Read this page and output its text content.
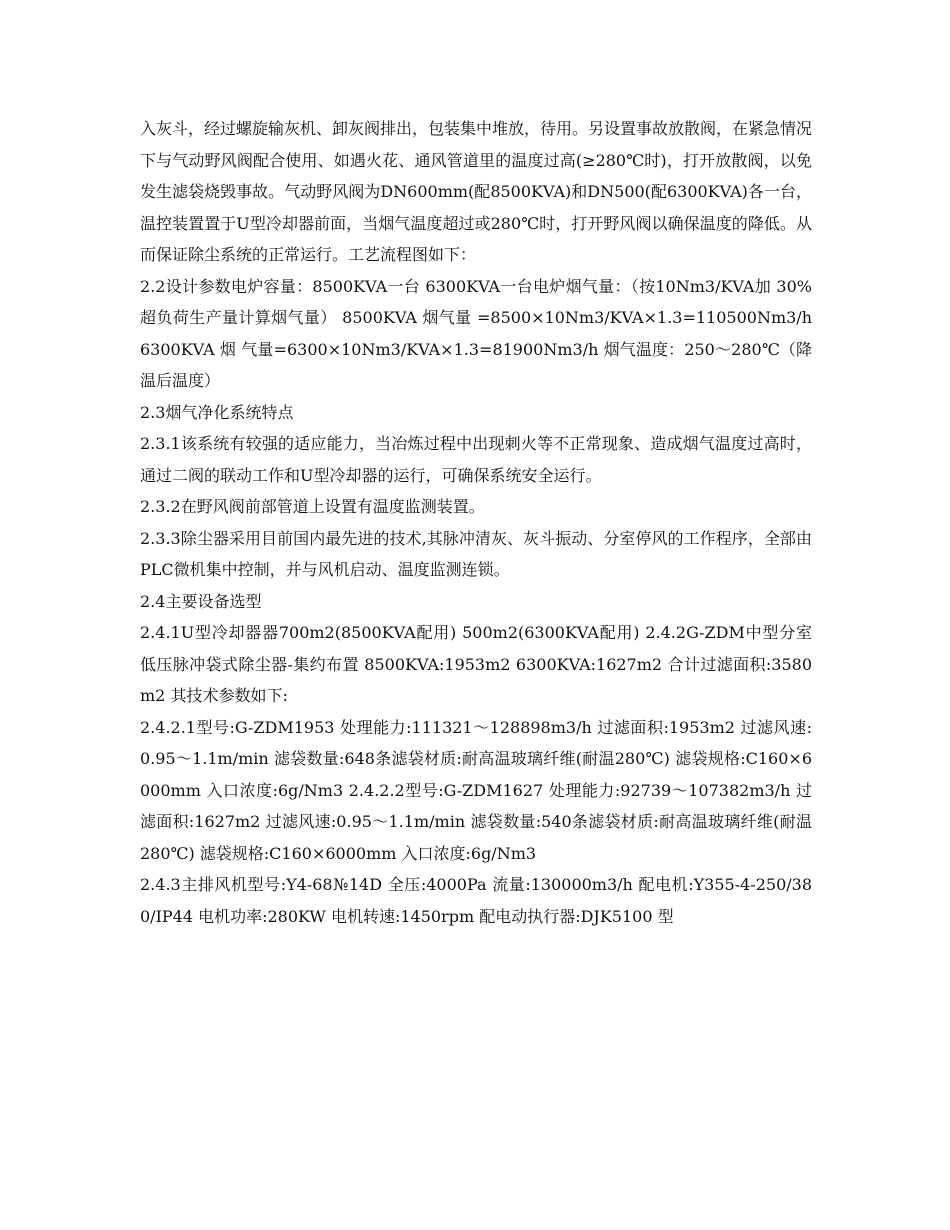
入灰斗，经过螺旋输灰机、卸灰阀排出，包装集中堆放，待用。另设置事故放散阀，在紧急情况下与气动野风阀配合使用、如遇火花、通风管道里的温度过高(≥280℃时)，打开放散阀，以免发生滤袋烧毁事故。气动野风阀为DN600mm(配8500KVA)和DN500(配6300KVA)各一台，温控装置置于U型冷却器前面，当烟气温度超过或280℃时，打开野风阀以确保温度的降低。从而保证除尘系统的正常运行。工艺流程图如下：

2.2设计参数电炉容量：8500KVA一台 6300KVA一台电炉烟气量：（按10Nm3/KVA加 30% 超负荷生产量计算烟气量） 8500KVA 烟气量 =8500×10Nm3/KVA×1.3=110500Nm3/h 6300KVA 烟 气量=6300×10Nm3/KVA×1.3=81900Nm3/h 烟气温度：250～280℃（降温后温度）

2.3烟气净化系统特点

2.3.1该系统有较强的适应能力，当冶炼过程中出现刺火等不正常现象、造成烟气温度过高时，通过二阀的联动工作和U型冷却器的运行，可确保系统安全运行。

2.3.2在野风阀前部管道上设置有温度监测装置。

2.3.3除尘器采用目前国内最先进的技术,其脉冲清灰、灰斗振动、分室停风的工作程序，全部由PLC微机集中控制，并与风机启动、温度监测连锁。

2.4主要设备选型

2.4.1U型冷却器器700m2(8500KVA配用) 500m2(6300KVA配用) 2.4.2G-ZDM中型分室低压脉冲袋式除尘器-集约布置 8500KVA:1953m2 6300KVA:1627m2 合计过滤面积:3580m2 其技术参数如下:

2.4.2.1型号:G-ZDM1953 处理能力:111321～128898m3/h 过滤面积:1953m2 过滤风速:0.95～1.1m/min 滤袋数量:648条滤袋材质:耐高温玻璃纤维(耐温280℃) 滤袋规格:Ⅽ160×6000mm 入口浓度:6g/Nm3 2.4.2.2型号:G-ZDM1627 处理能力:92739～107382m3/h 过滤面积:1627m2 过滤风速:0.95～1.1m/min 滤袋数量:540条滤袋材质:耐高温玻璃纤维(耐温280℃) 滤袋规格:Ⅽ160×6000mm 入口浓度:6g/Nm3

2.4.3主排风机型号:Y4-68№14D 全压:4000Pa 流量:130000m3/h 配电机:Y355-4-250/380/IP44 电机功率:280KW 电机转速:1450rpm 配电动执行器:DJK5100 型
